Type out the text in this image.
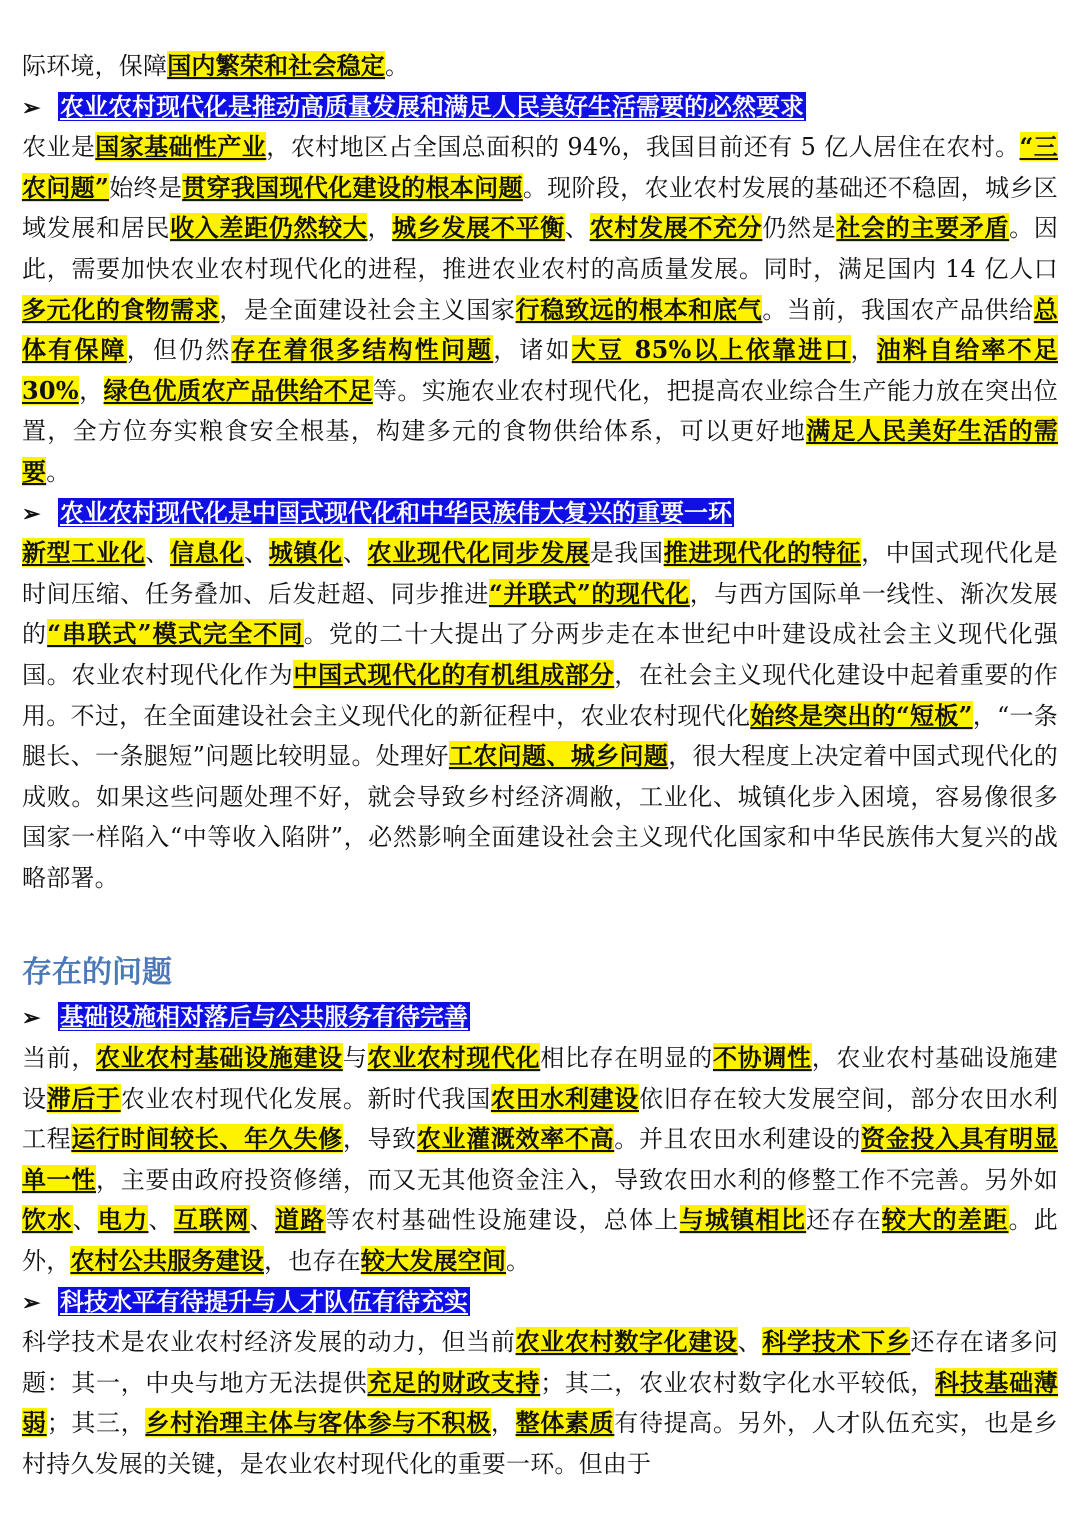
际环境，保障国内繁荣和社会稳定。

➢ 农业农村现代化是推动高质量发展和满足人民美好生活需要的必然要求

农业是国家基础性产业，农村地区占全国总面积的 94%，我国目前还有 5 亿人居住在农村。“三农问题”始终是贯穿我国现代化建设的根本问题。现阶段，农业农村发展的基础还不稳固，城乡区域发展和居民收入差距仍然较大，城乡发展不平衡、农村发展不充分仍然是社会的主要矛盾。因此，需要加快农业农村现代化的进程，推进农业农村的高质量发展。同时，满足国内 14 亿人口多元化的食物需求，是全面建设社会主义国家行稳致远的根本和底气。当前，我国农产品供给总体有保障，但仍然存在着很多结构性问题，诸如大豆 85%以上依靠进口，油料自给率不足 30%，绿色优质农产品供给不足等。实施农业农村现代化，把提高农业综合生产能力放在突出位置，全方位夯实粮食安全根基，构建多元的食物供给体系，可以更好地满足人民美好生活的需要。

➢ 农业农村现代化是中国式现代化和中华民族伟大复兴的重要一环

新型工业化、信息化、城镇化、农业现代化同步发展是我国推进现代化的特征，中国式现代化是时间压缩、任务叠加、后发赶超、同步推进“并联式”的现代化，与西方国际单一线性、渐次发展的“串联式”模式完全不同。党的二十大提出了分两步走在本世纪中叶建设成社会主义现代化强国。农业农村现代化作为中国式现代化的有机组成部分，在社会主义现代化建设中起着重要的作用。不过，在全面建设社会主义现代化的新征程中，农业农村现代化始终是突出的“短板”，“一条腿长、一条腿短”问题比较明显。处理好工农问题、城乡问题，很大程度上决定着中国式现代化的成败。如果这些问题处理不好，就会导致乡村经济凋敝，工业化、城镇化步入困境，容易像很多国家一样陷入“中等收入陷阱”，必然影响全面建设社会主义现代化国家和中华民族伟大复兴的战略部署。

存在的问题

➢ 基础设施相对落后与公共服务有待完善

当前，农业农村基础设施建设与农业农村现代化相比存在明显的不协调性，农业农村基础设施建设滞后于农业农村现代化发展。新时代我国农田水利建设依旧存在较大发展空间，部分农田水利工程运行时间较长、年久失修，导致农业灌溉效率不高。并且农田水利建设的资金投入具有明显单一性，主要由政府投资修缮，而又无其他资金注入，导致农田水利的修整工作不完善。另外如饮水、电力、互联网、道路等农村基础性设施建设，总体上与城镇相比还存在较大的差距。此外，农村公共服务建设，也存在较大发展空间。

➢ 科技水平有待提升与人才队伍有待充实

科学技术是农业农村经济发展的动力，但当前农业农村数字化建设、科学技术下乡还存在诸多问题：其一，中央与地方无法提供充足的财政支持；其二，农业农村数字化水平较低，科技基础薄弱；其三，乡村治理主体与客体参与不积极，整体素质有待提高。另外，人才队伍充实，也是乡村持久发展的关键，是农业农村现代化的重要一环。但由于
